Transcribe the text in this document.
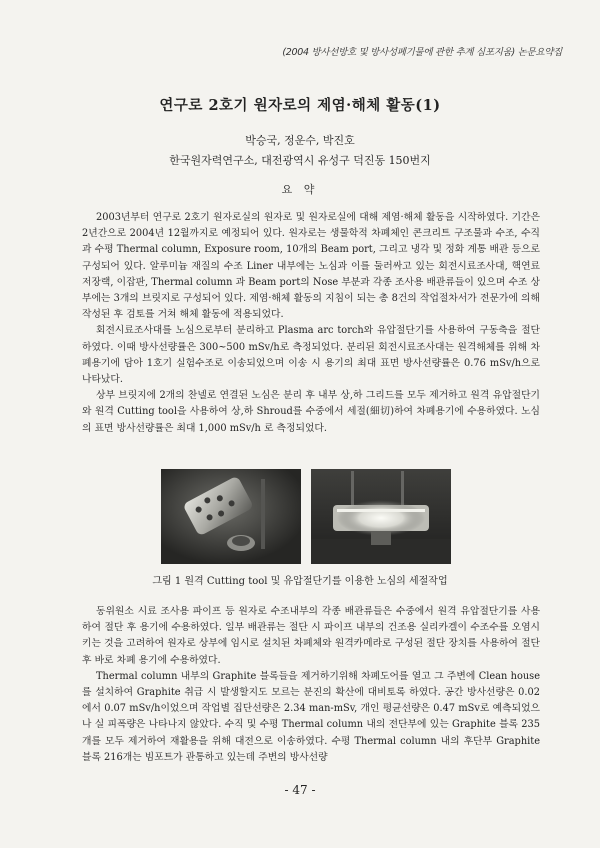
(2004 방사선방호 및 방사성폐기물에 관한 추계 심포지움) 논문요약집
연구로 2호기 원자로의 제염·해체 활동(1)
박승국, 정운수, 박진호
한국원자력연구소, 대전광역시 유성구 덕진동 150번지
요 약

2003년부터 연구로 2호기 원자로실의 원자로 및 원자로실에 대해 제염·해체 활동을 시작하였다. 기간은 2년간으로 2004년 12월까지로 예정되어 있다. 원자로는 생물학적 차폐체인 콘크리트 구조물과 수조, 수직과 수평 Thermal column, Exposure room, 10개의 Beam port, 그리고 냉각 및 정화 계통 배관 등으로 구성되어 있다. 알루미늄 재질의 수조 Liner 내부에는 노심과 이를 둘러싸고 있는 회전시료조사대, 핵연료 저장랙, 이잡판, Thermal column 과 Beam port의 Nose 부분과 각종 조사용 배관류들이 있으며 수조 상부에는 3개의 브릿지로 구성되어 있다. 제염·해체 활동의 지침이 되는 총 8건의 작업절차서가 전문가에 의해 작성된 후 검토를 거쳐 해체 활동에 적용되었다.

회전시료조사대를 노심으로부터 분리하고 Plasma arc torch와 유압절단기를 사용하여 구동축을 절단하였다. 이때 방사선량률은 300~500 mSv/h로 측정되었다. 분리된 회전시료조사대는 원격해체를 위해 차폐용기에 담아 1호기 실험수조로 이송되었으며 이송 시 용기의 최대 표면 방사선량률은 0.76 mSv/h으로 나타났다.

상부 브릿지에 2개의 찬넬로 연결된 노심은 분리 후 내부 상,하 그리드를 모두 제거하고 원격 유압절단기와 원격 Cutting tool을 사용하여 상,하 Shroud를 수중에서 세절(細切)하여 차폐용기에 수용하였다. 노심의 표면 방사선량률은 최대 1,000 mSv/h 로 측정되었다.

그림 1 원격 Cutting tool 및 유압절단기를 이용한 노심의 세절작업

동위원소 시료 조사용 파이프 등 원자로 수조내부의 각종 배관류들은 수중에서 원격 유압절단기를 사용하여 절단 후 용기에 수용하였다. 일부 배관류는 절단 시 파이프 내부의 건조용 실리카겔이 수조수를 오염시키는 것을 고려하여 원자로 상부에 임시로 설치된 차폐체와 원격카메라로 구성된 절단 장치를 사용하여 절단 후 바로 차폐 용기에 수용하였다.

Thermal column 내부의 Graphite 블록들을 제거하기위해 차폐도어를 열고 그 주변에 Clean house를 설치하여 Graphite 취급 시 발생할지도 모르는 분진의 확산에 대비토록 하였다. 공간 방사선량은 0.02에서 0.07 mSv/h이었으며 작업별 집단선량은 2.34 man-mSv, 개인 평균선량은 0.47 mSv로 예측되었으나 실 피폭량은 나타나지 않았다. 수직 및 수평 Thermal column 내의 전단부에 있는 Graphite 블록 235개를 모두 제거하여 재활용을 위해 대전으로 이송하였다. 수평 Thermal column 내의 후단부 Graphite 블록 216개는 빔포트가 관통하고 있는데 주변의 방사선량

- 47 -
